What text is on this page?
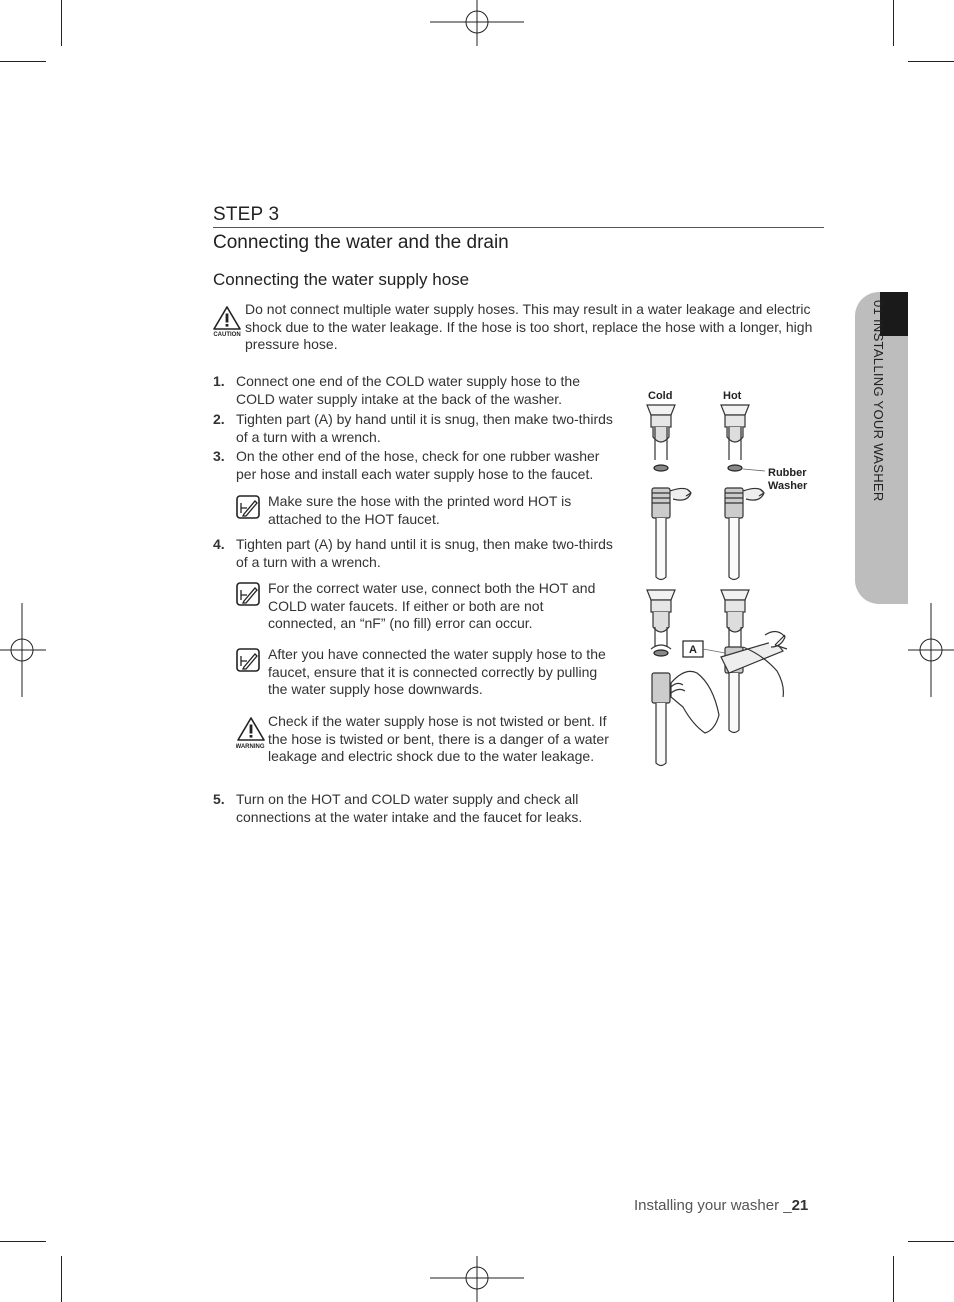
STEP 3
Connecting the water and the drain
Connecting the water supply hose
CAUTION
Do not connect multiple water supply hoses. This may result in a water leakage and electric shock due to the water leakage. If the hose is too short, replace the hose with a longer, high pressure hose.
1. Connect one end of the COLD water supply hose to the COLD water supply intake at the back of the washer.
2. Tighten part (A) by hand until it is snug, then make two-thirds of a turn with a wrench.
3. On the other end of the hose, check for one rubber washer per hose and install each water supply hose to the faucet.
Make sure the hose with the printed word HOT is attached to the HOT faucet.
4. Tighten part (A) by hand until it is snug, then make two-thirds of a turn with a wrench.
For the correct water use, connect both the HOT and COLD water faucets. If either or both are not connected, an “nF” (no fill) error can occur.
After you have connected the water supply hose to the faucet, ensure that it is connected correctly by pulling the water supply hose downwards.
WARNING
Check if the water supply hose is not twisted or bent. If the hose is twisted or bent, there is a danger of a water leakage and electric shock due to the water leakage.
5. Turn on the HOT and COLD water supply and check all connections at the water intake and the faucet for leaks.
Cold	Hot
Rubber
Washer
A
01 INSTALLING YOUR WASHER
Installing your washer _21
